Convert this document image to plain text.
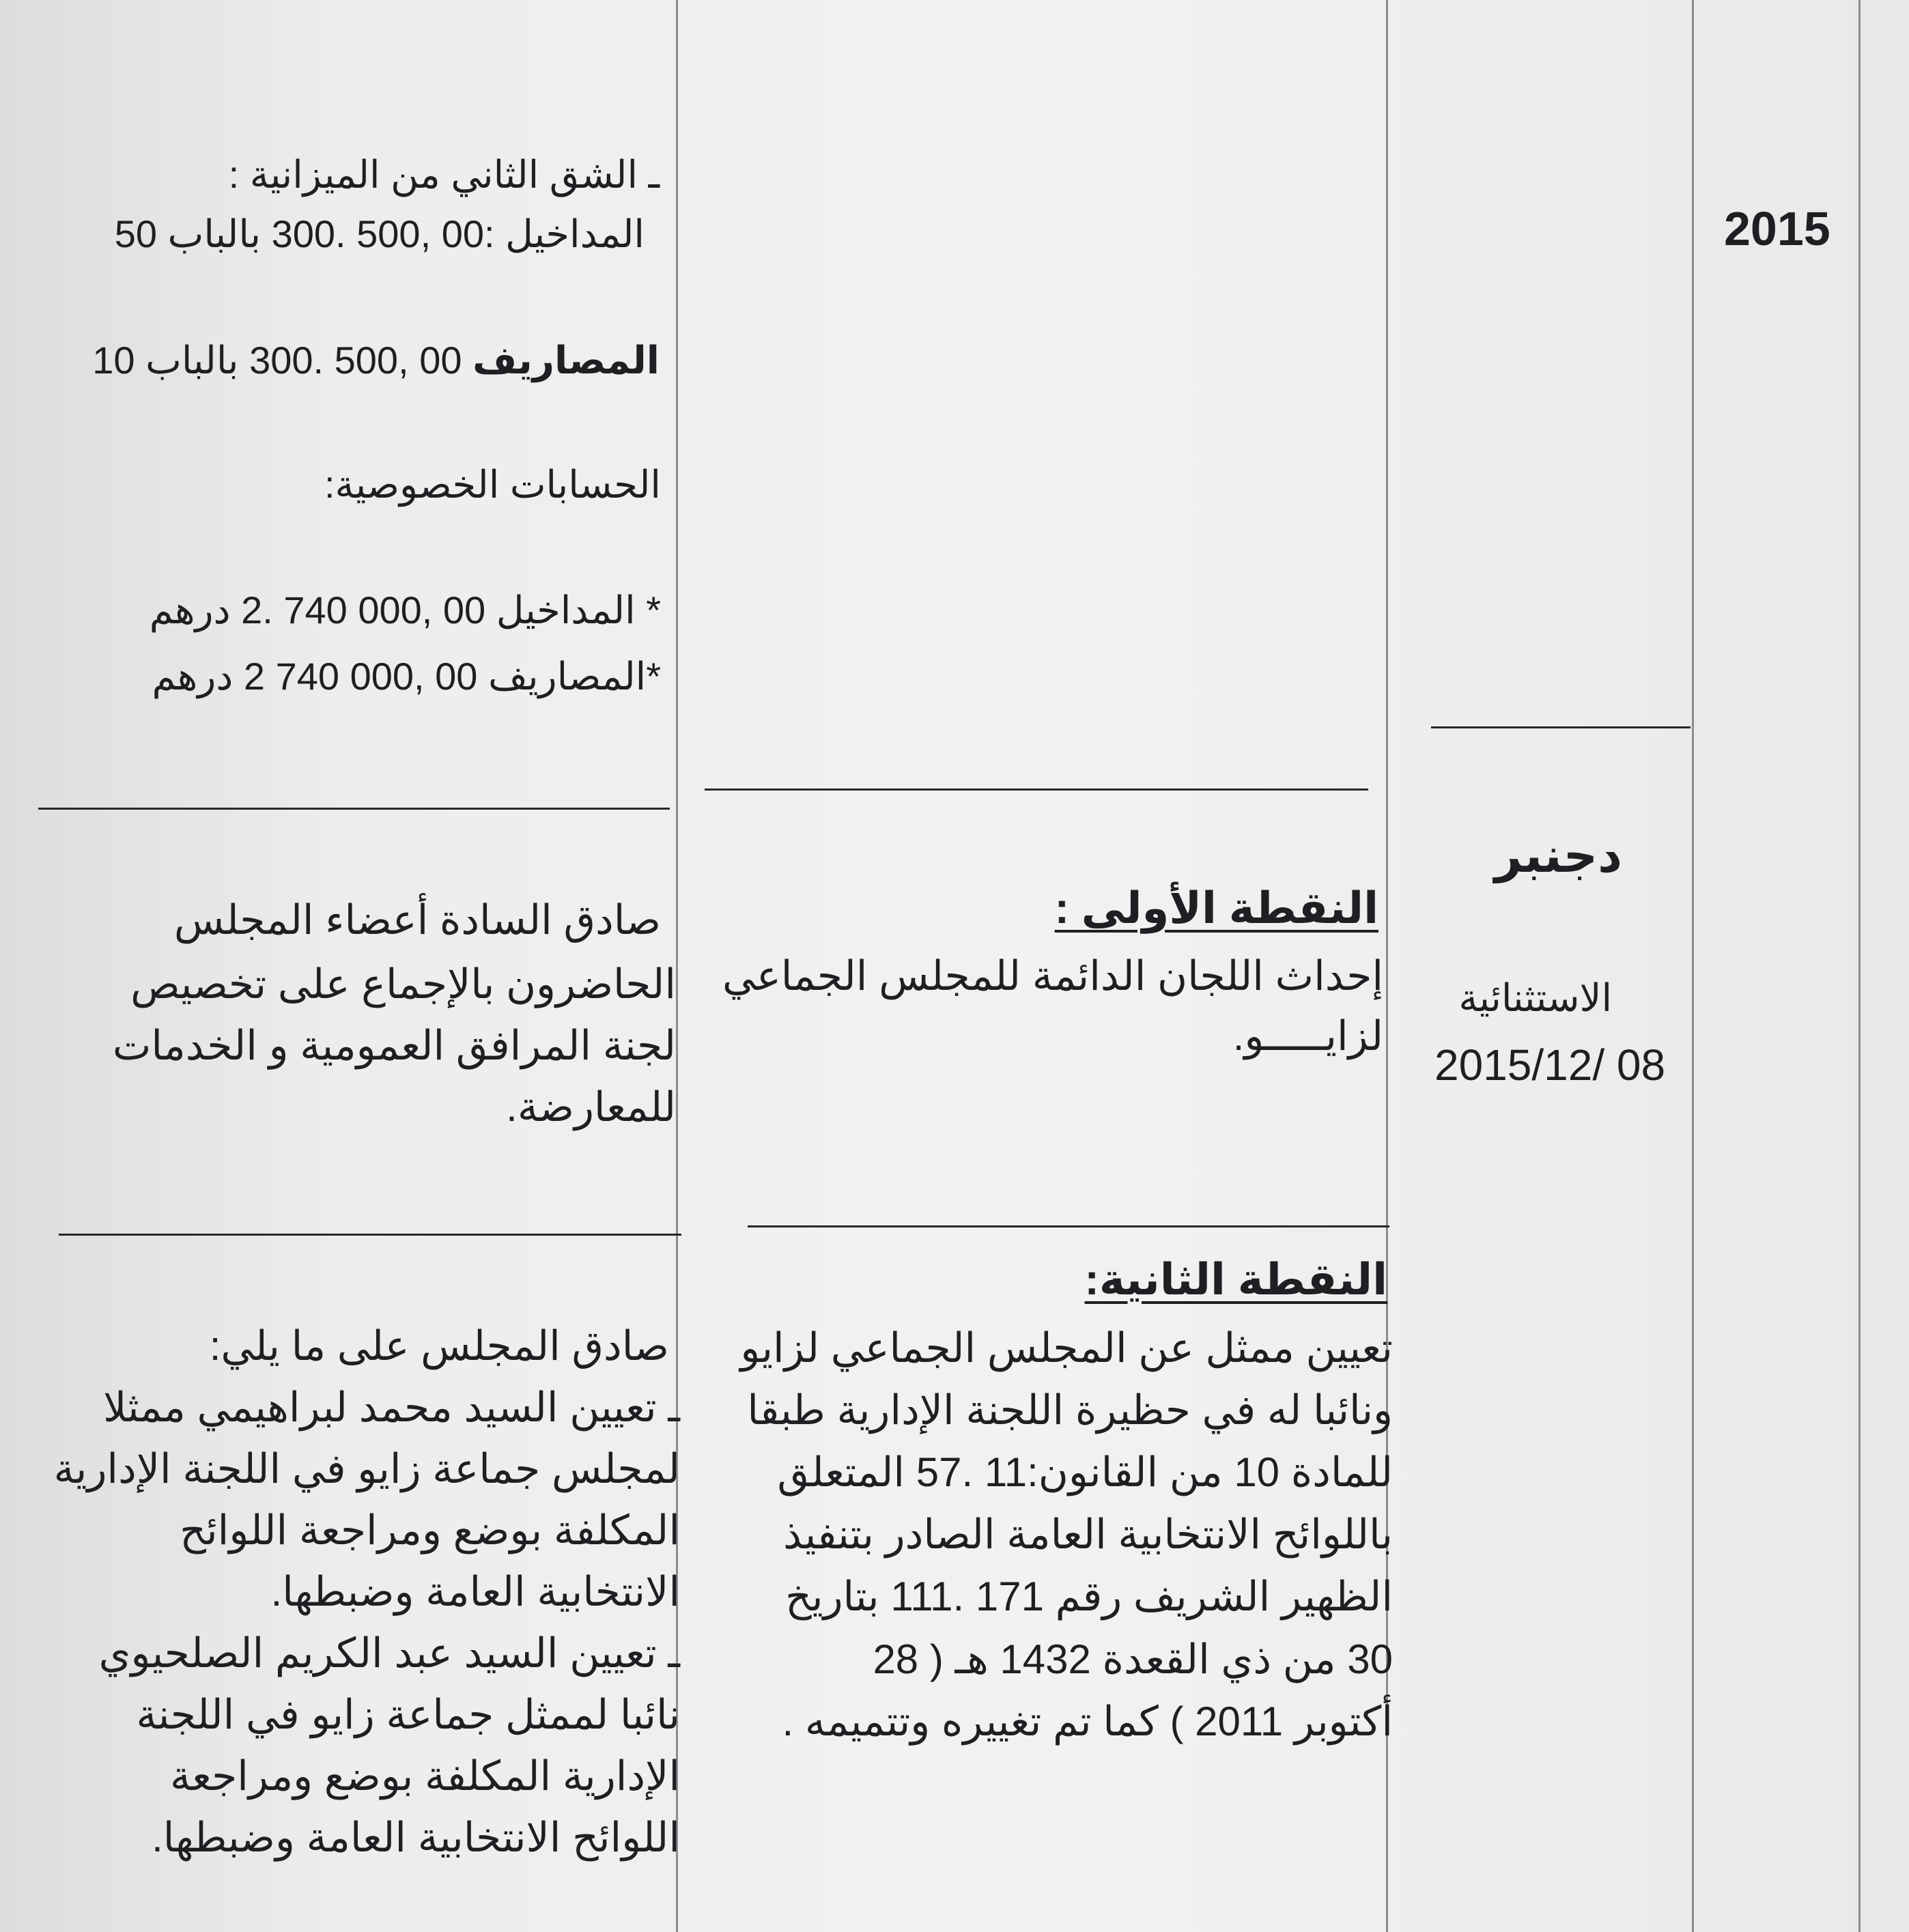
2015
دجنبر
الاستثنائية
2015/12/ 08
النقطة الأولى :
إحداث اللجان الدائمة للمجلس الجماعي
لزايـــــو.
النقطة الثانية:
تعيين ممثل عن المجلس الجماعي لزايو
ونائبا له في حظيرة اللجنة الإدارية طبقا
للمادة 10 من القانون:11 .57 المتعلق
باللوائح الانتخابية العامة الصادر بتنفيذ
الظهير الشريف رقم 171 .111 بتاريخ
30 من ذي القعدة 1432 هـ ( 28
أكتوبر 2011 ) كما تم تغييره وتتميمه .
ـ الشق الثاني من الميزانية :
المداخيل :00 ,500 .300 بالباب 50
المصاريف 00 ,500 .300 بالباب 10
الحسابات الخصوصية:
* المداخيل 00 ,000 740 .2 درهم
*المصاريف 00 ,000 740 2 درهم
صادق السادة أعضاء المجلس
الحاضرون بالإجماع على تخصيص
لجنة المرافق العمومية و الخدمات
للمعارضة.
صادق المجلس على ما يلي:
ـ تعيين السيد محمد لبراهيمي ممثلا
لمجلس جماعة زايو في اللجنة الإدارية
المكلفة بوضع ومراجعة اللوائح
الانتخابية العامة وضبطها.
ـ تعيين السيد عبد الكريم الصلحيوي
نائبا لممثل جماعة زايو في اللجنة
الإدارية المكلفة بوضع ومراجعة
اللوائح الانتخابية العامة وضبطها.
